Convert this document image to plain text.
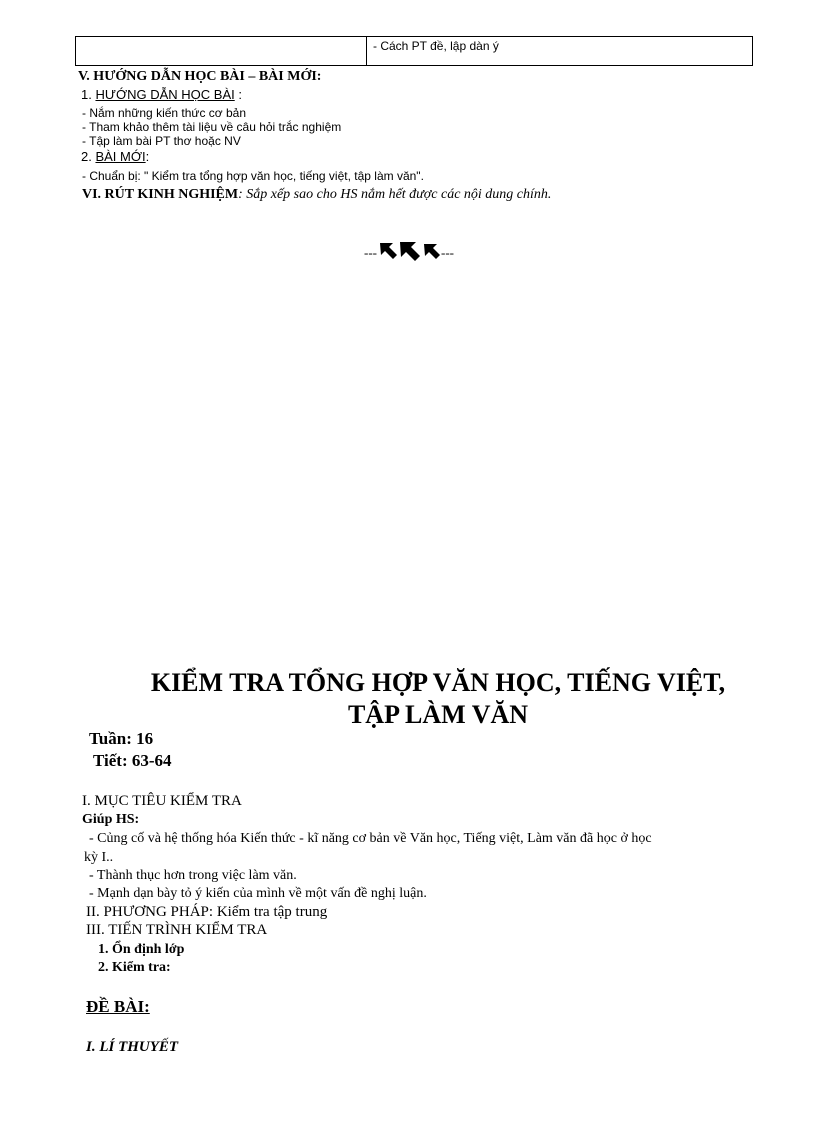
	- Cách PT đề, lập dàn ý
V. HƯỚNG DẪN HỌC BÀI – BÀI MỚI:
1. HƯỚNG DẪN HỌC BÀI :
- Nắm những kiến thức cơ bản
- Tham khảo thêm tài liệu về câu hỏi trắc nghiệm
- Tập làm bài PT thơ hoặc NV
2. BÀI MỚI:
- Chuẩn bị: " Kiểm tra tổng hợp văn học, tiếng việt, tập làm văn".
VI. RÚT KINH NGHIỆM: Sắp xếp sao cho HS nắm hết được các nội dung chính.
---	---
KIỂM TRA TỔNG HỢP VĂN HỌC, TIẾNG VIỆT,
TẬP LÀM VĂN
Tuần: 16
Tiết: 63-64
I. MỤC TIÊU KIỂM TRA
Giúp HS:
- Củng cố và hệ thống hóa Kiến thức - kĩ năng cơ bản về Văn học, Tiếng việt, Làm văn đã học ở học
kỳ I..
- Thành thục hơn trong việc làm văn.
- Mạnh dạn bày tỏ ý kiến của mình về một vấn đề nghị luận.
II. PHƯƠNG PHÁP: Kiểm tra tập trung
III. TIẾN TRÌNH KIỂM TRA
1. Ổn định lớp
2. Kiểm tra:
ĐỀ BÀI:
I. LÍ THUYẾT
